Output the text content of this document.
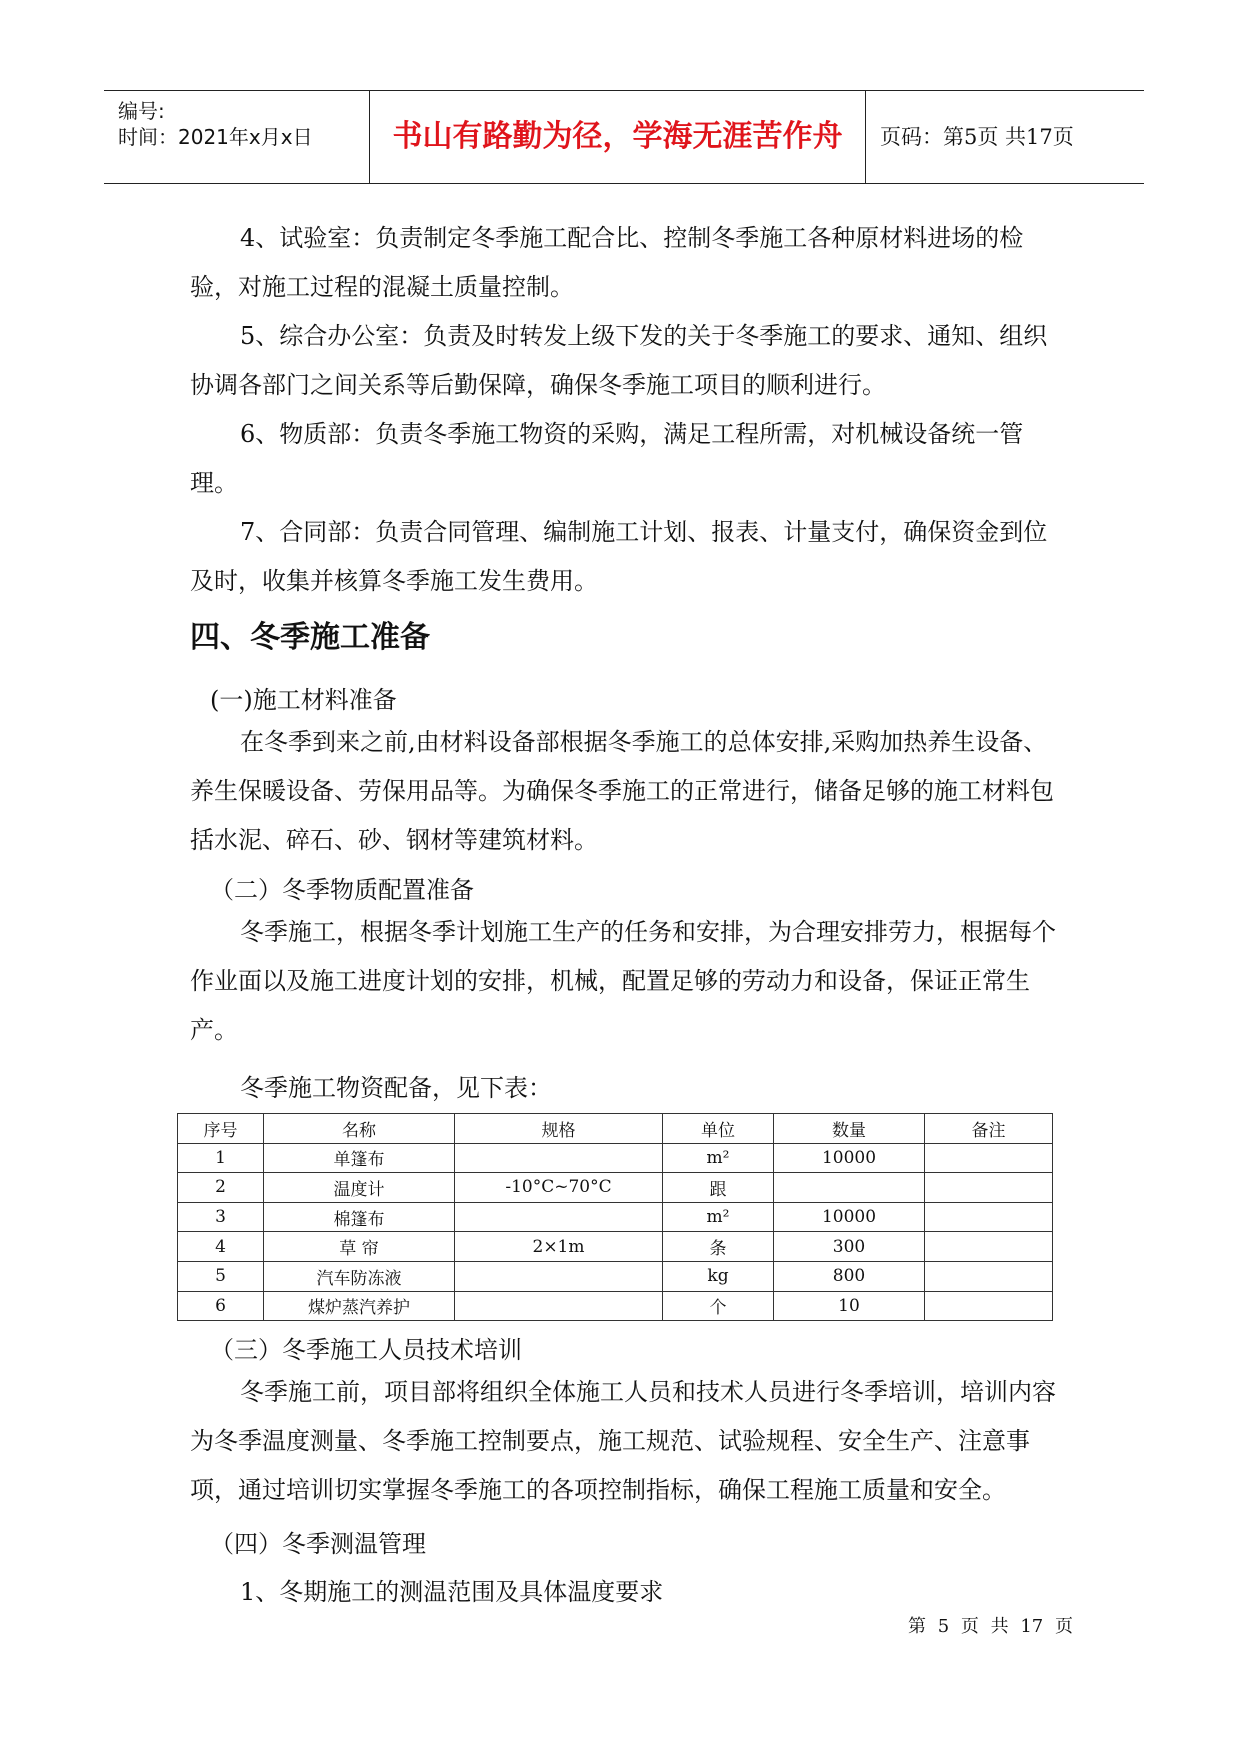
编号:
时间：2021年x月x日	书山有路勤为径，学海无涯苦作舟	页码：第5页 共17页
4、试验室：负责制定冬季施工配合比、控制冬季施工各种原材料进场的检验，对施工过程的混凝土质量控制。
5、综合办公室：负责及时转发上级下发的关于冬季施工的要求、通知、组织协调各部门之间关系等后勤保障，确保冬季施工项目的顺利进行。
6、物质部：负责冬季施工物资的采购，满足工程所需，对机械设备统一管理。
7、合同部：负责合同管理、编制施工计划、报表、计量支付，确保资金到位及时，收集并核算冬季施工发生费用。
四、冬季施工准备
(一)施工材料准备
在冬季到来之前,由材料设备部根据冬季施工的总体安排,采购加热养生设备、养生保暖设备、劳保用品等。为确保冬季施工的正常进行，储备足够的施工材料包括水泥、碎石、砂、钢材等建筑材料。
（二）冬季物质配置准备
冬季施工，根据冬季计划施工生产的任务和安排，为合理安排劳力，根据每个作业面以及施工进度计划的安排，机械，配置足够的劳动力和设备，保证正常生产。
冬季施工物资配备，见下表：
序号	名称	规格	单位	数量	备注
1	单篷布		m²	10000	
2	温度计	-10°C~70°C	跟		
3	棉篷布		m²	10000	
4	草 帘	2×1m	条	300	
5	汽车防冻液		kg	800	
6	煤炉蒸汽养护		个	10	
（三）冬季施工人员技术培训
冬季施工前，项目部将组织全体施工人员和技术人员进行冬季培训，培训内容为冬季温度测量、冬季施工控制要点，施工规范、试验规程、安全生产、注意事项，通过培训切实掌握冬季施工的各项控制指标，确保工程施工质量和安全。
（四）冬季测温管理
1、冬期施工的测温范围及具体温度要求
第 5 页 共 17 页
